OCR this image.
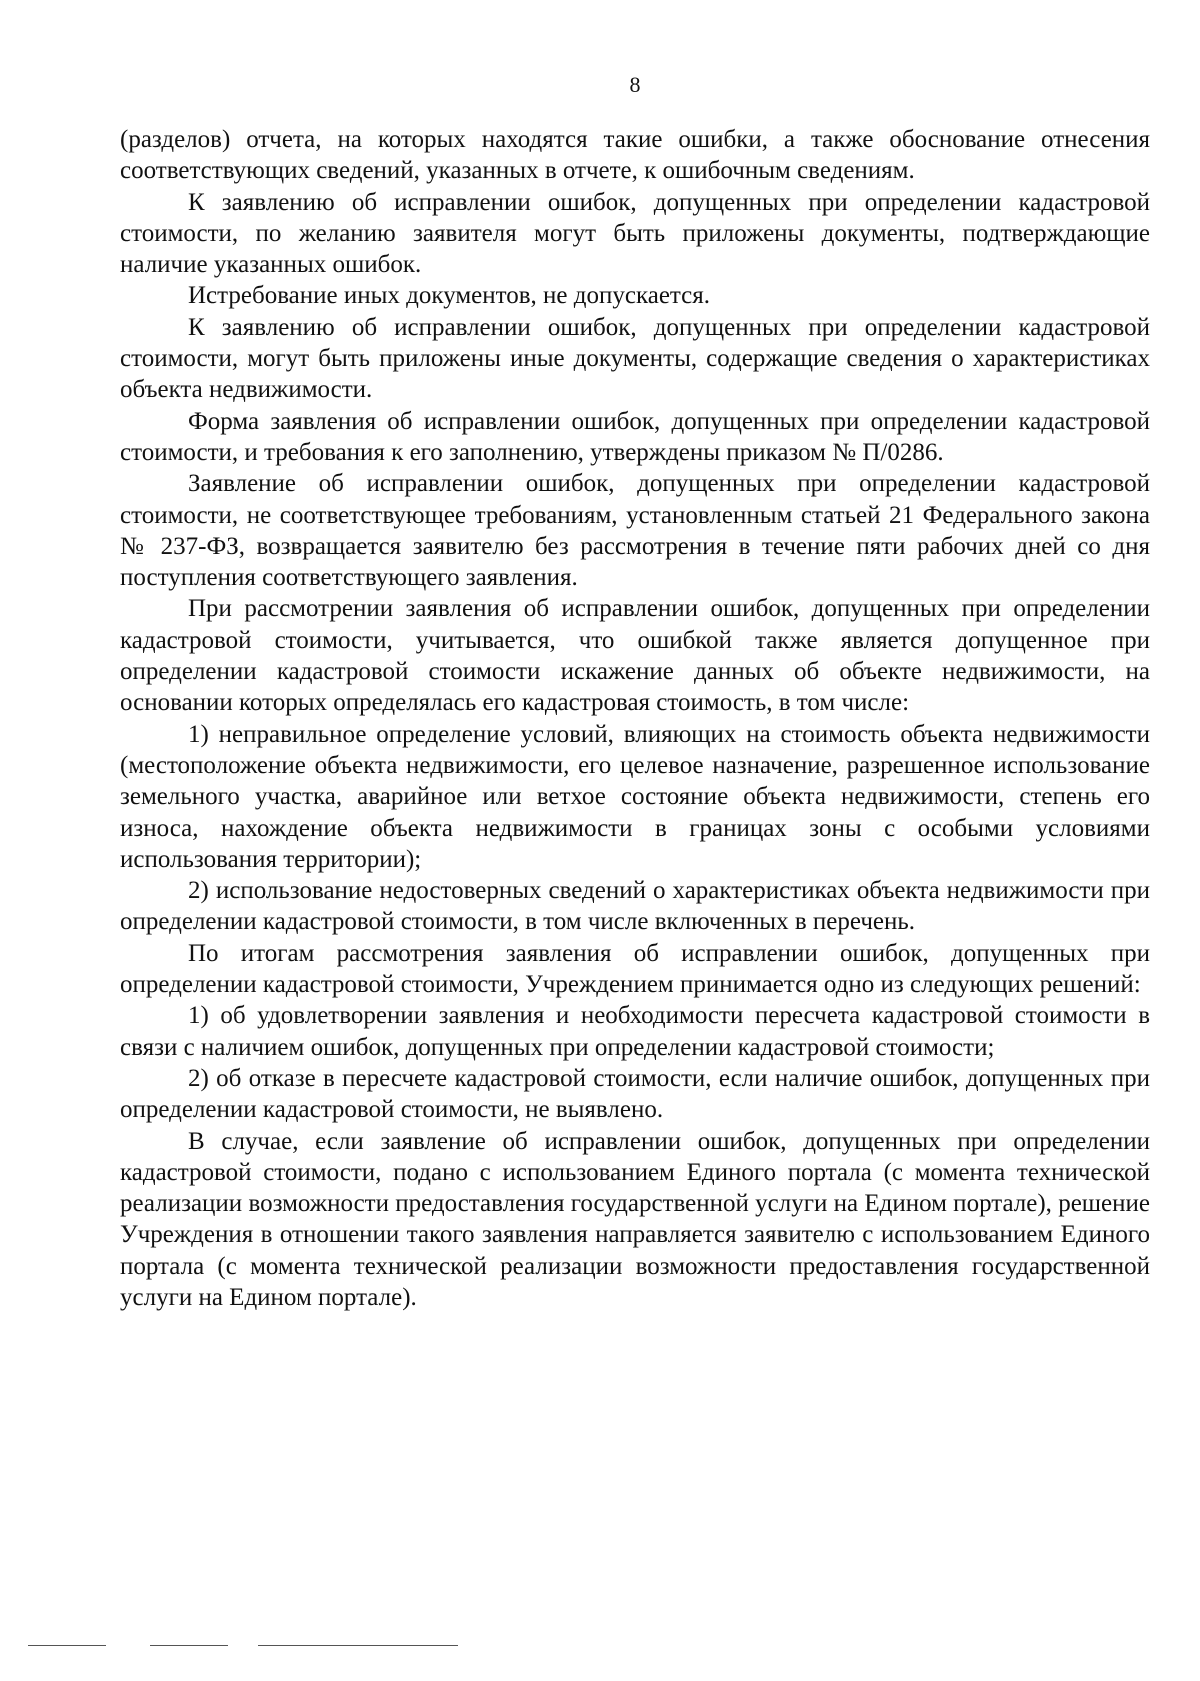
8

(разделов) отчета, на которых находятся такие ошибки, а также обоснование отнесения соответствующих сведений, указанных в отчете, к ошибочным сведениям.

К заявлению об исправлении ошибок, допущенных при определении кадастровой стоимости, по желанию заявителя могут быть приложены документы, подтверждающие наличие указанных ошибок.

Истребование иных документов, не допускается.

К заявлению об исправлении ошибок, допущенных при определении кадастровой стоимости, могут быть приложены иные документы, содержащие сведения о характеристиках объекта недвижимости.

Форма заявления об исправлении ошибок, допущенных при определении кадастровой стоимости, и требования к его заполнению, утверждены приказом № П/0286.

Заявление об исправлении ошибок, допущенных при определении кадастровой стоимости, не соответствующее требованиям, установленным статьей 21 Федерального закона № 237-ФЗ, возвращается заявителю без рассмотрения в течение пяти рабочих дней со дня поступления соответствующего заявления.

При рассмотрении заявления об исправлении ошибок, допущенных при определении кадастровой стоимости, учитывается, что ошибкой также является допущенное при определении кадастровой стоимости искажение данных об объекте недвижимости, на основании которых определялась его кадастровая стоимость, в том числе:

1) неправильное определение условий, влияющих на стоимость объекта недвижимости (местоположение объекта недвижимости, его целевое назначение, разрешенное использование земельного участка, аварийное или ветхое состояние объекта недвижимости, степень его износа, нахождение объекта недвижимости в границах зоны с особыми условиями использования территории);

2) использование недостоверных сведений о характеристиках объекта недвижимости при определении кадастровой стоимости, в том числе включенных в перечень.

По итогам рассмотрения заявления об исправлении ошибок, допущенных при определении кадастровой стоимости, Учреждением принимается одно из следующих решений:

1) об удовлетворении заявления и необходимости пересчета кадастровой стоимости в связи с наличием ошибок, допущенных при определении кадастровой стоимости;

2) об отказе в пересчете кадастровой стоимости, если наличие ошибок, допущенных при определении кадастровой стоимости, не выявлено.

В случае, если заявление об исправлении ошибок, допущенных при определении кадастровой стоимости, подано с использованием Единого портала (с момента технической реализации возможности предоставления государственной услуги на Едином портале), решение Учреждения в отношении такого заявления направляется заявителю с использованием Единого портала (с момента технической реализации возможности предоставления государственной услуги на Едином портале).
